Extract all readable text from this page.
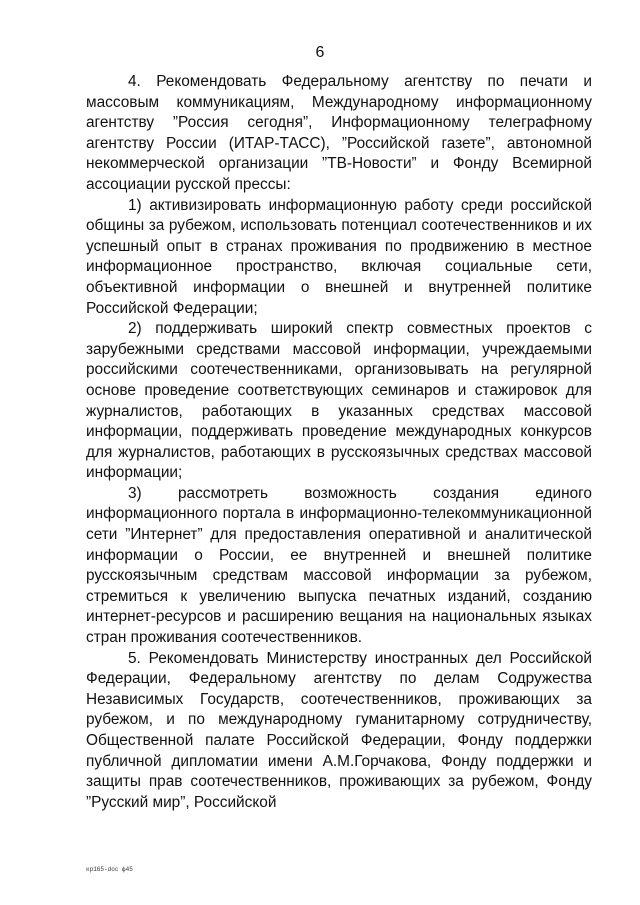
6

4. Рекомендовать Федеральному агентству по печати и массовым коммуникациям, Международному информационному агентству ”Россия сегодня”, Информационному телеграфному агентству России (ИТАР-ТАСС), ”Российской газете”, автономной некоммерческой организации ”ТВ-Новости” и Фонду Всемирной ассоциации русской прессы:

1) активизировать информационную работу среди российской общины за рубежом, использовать потенциал соотечественников и их успешный опыт в странах проживания по продвижению в местное информационное пространство, включая социальные сети, объективной информации о внешней и внутренней политике Российской Федерации;

2) поддерживать широкий спектр совместных проектов с зарубежными средствами массовой информации, учреждаемыми российскими соотечественниками, организовывать на регулярной основе проведение соответствующих семинаров и стажировок для журналистов, работающих в указанных средствах массовой информации, поддерживать проведение международных конкурсов для журналистов, работающих в русскоязычных средствах массовой информации;

3) рассмотреть возможность создания единого информационного портала в информационно-телекоммуникационной сети ”Интернет” для предоставления оперативной и аналитической информации о России, ее внутренней и внешней политике русскоязычным средствам массовой информации за рубежом, стремиться к увеличению выпуска печатных изданий, созданию интернет-ресурсов и расширению вещания на национальных языках стран проживания соотечественников.

5. Рекомендовать Министерству иностранных дел Российской Федерации, Федеральному агентству по делам Содружества Независимых Государств, соотечественников, проживающих за рубежом, и по международному гуманитарному сотрудничеству, Общественной палате Российской Федерации, Фонду поддержки публичной дипломатии имени А.М.Горчакова, Фонду поддержки и защиты прав соотечественников, проживающих за рубежом, Фонду ”Русский мир”, Российской

кр165-doc ф45
